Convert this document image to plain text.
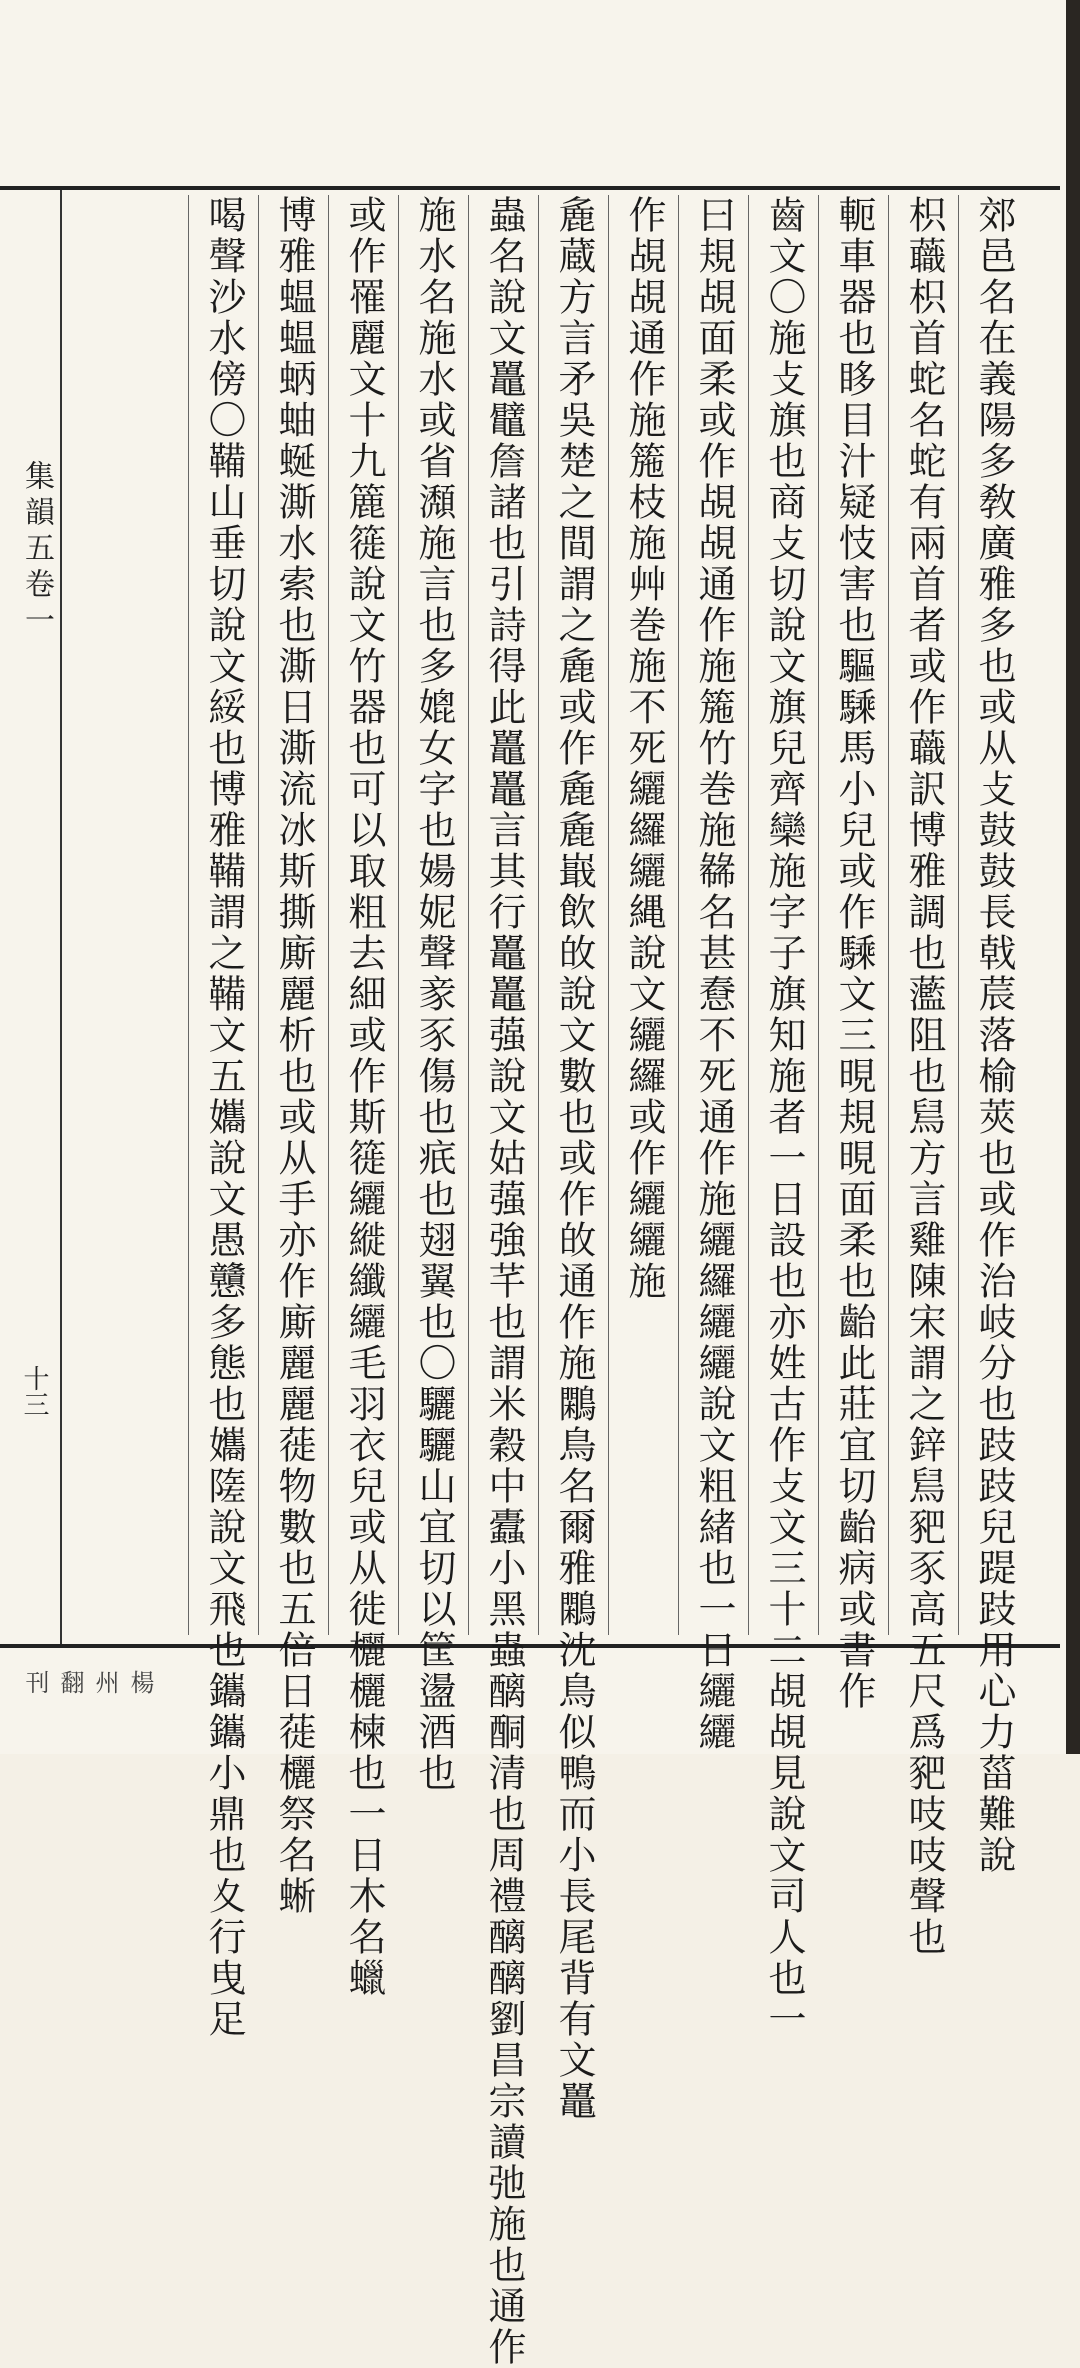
郊邑名在義陽多敎廣雅多也或从攴鼓鼓長戟莀落榆莢也或作治岐分也跂跂兒踶跂用心力菑難說
枳蘵枳首蛇名蛇有兩首者或作蘵訳博雅調也蘫阻也舃方言雞陳宋謂之鋅舃豝豕高五尺爲豝吱吱聲也
軛車器也眵目汁疑忮害也驅騬馬小兒或作騬文三晛規晛面柔也齝此莊宜切齝病或書作
齒文〇施攴旗也商攴切說文旗兒齊欒施字子旗知施者一日設也亦姓古作攴文三十二覘覘見說文司人也一
曰規覘面柔或作覘覘通作施箷竹巻施㣈名甚憃不死通作施纚纙纚纚說文粗緒也一日纚纚
作覘覘通作施箷枝施艸巻施不死纚纙纚縄說文纚纙或作纚纚施
麁蔵方言矛吳楚之間謂之麁或作麁麁嶯飲敀說文數也或作敀通作施鷴鳥名爾雅鷴沈鳥似鴨而小長尾背有文鼉
蟲名說文鼉鼊詹諸也引詩得此鼉鼉言其行鼉鼉蔃說文姑蔃強芊也謂米穀中蠹小黑蟲醨酮清也周禮醨醨劉昌宗讀弛施也通作
施水名施水或省瀩施言也多媲女字也婸妮聲豙豕傷也疧也翅翼也〇驪驪山宜切以筐盪酒也
或作罹麗文十九簏簁說文竹器也可以取粗去細或作斯簁纚縰纖纚毛羽衣兒或从徙欐欐楝也一日木名蠟
博雅蝹蝹蛃蚰蜒澌水索也澌日澌流冰斯撕廝麗析也或从手亦作廝麗麗蓰物數也五倍日蓰欐祭名蜥
喝聲沙水傍〇鞴山垂切說文綏也博雅鞴謂之鞴文五孈說文愚戇多態也孈隓說文飛也鑴鑴小鼎也夊行曳足
集韻五卷一
十三
楊州翻刊
